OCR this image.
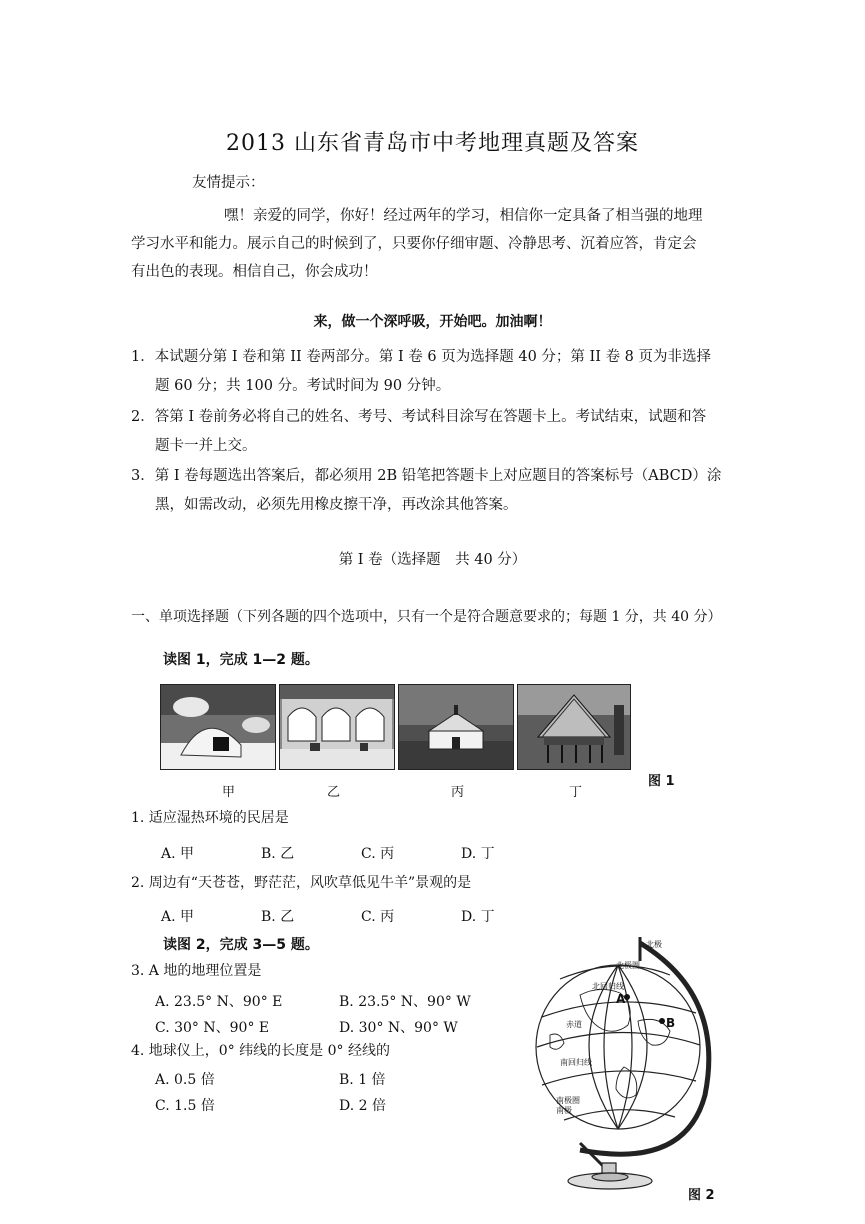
2013 山东省青岛市中考地理真题及答案
友情提示：
嘿！亲爱的同学，你好！经过两年的学习，相信你一定具备了相当强的地理
学习水平和能力。展示自己的时候到了，只要你仔细审题、冷静思考、沉着应答，肯定会
有出色的表现。相信自己，你会成功！
来，做一个深呼吸，开始吧。加油啊！
1．本试题分第 I 卷和第 II 卷两部分。第 I 卷 6 页为选择题 40 分；第 II 卷 8 页为非选择
题 60 分；共 100 分。考试时间为 90 分钟。
2．答第 I 卷前务必将自己的姓名、考号、考试科目涂写在答题卡上。考试结束，试题和答
题卡一并上交。
3．第 I 卷每题选出答案后，都必须用 2B 铅笔把答题卡上对应题目的答案标号（ABCD）涂
黑，如需改动，必须先用橡皮擦干净，再改涂其他答案。
第 I 卷（选择题　共 40 分）
一、单项选择题（下列各题的四个选项中，只有一个是符合题意要求的；每题 1 分，共 40 分）
读图 1，完成 1—2 题。
甲	乙	丙	丁
图 1
1. 适应湿热环境的民居是
A. 甲	B. 乙	C. 丙	D. 丁
2. 周边有“天苍苍，野茫茫，风吹草低见牛羊”景观的是
A. 甲	B. 乙	C. 丙	D. 丁
读图 2，完成 3—5 题。
3. A 地的地理位置是
A. 23.5° N、90° E	B. 23.5° N、90° W
C. 30° N、90° E	D. 30° N、90° W
4. 地球仪上，0° 纬线的长度是 0° 经线的
A. 0.5 倍	B. 1 倍
C. 1.5 倍	D. 2 倍
北极
北极圈
北回归线
赤道
南回归线
南极圈
南极
A
B
图 2
